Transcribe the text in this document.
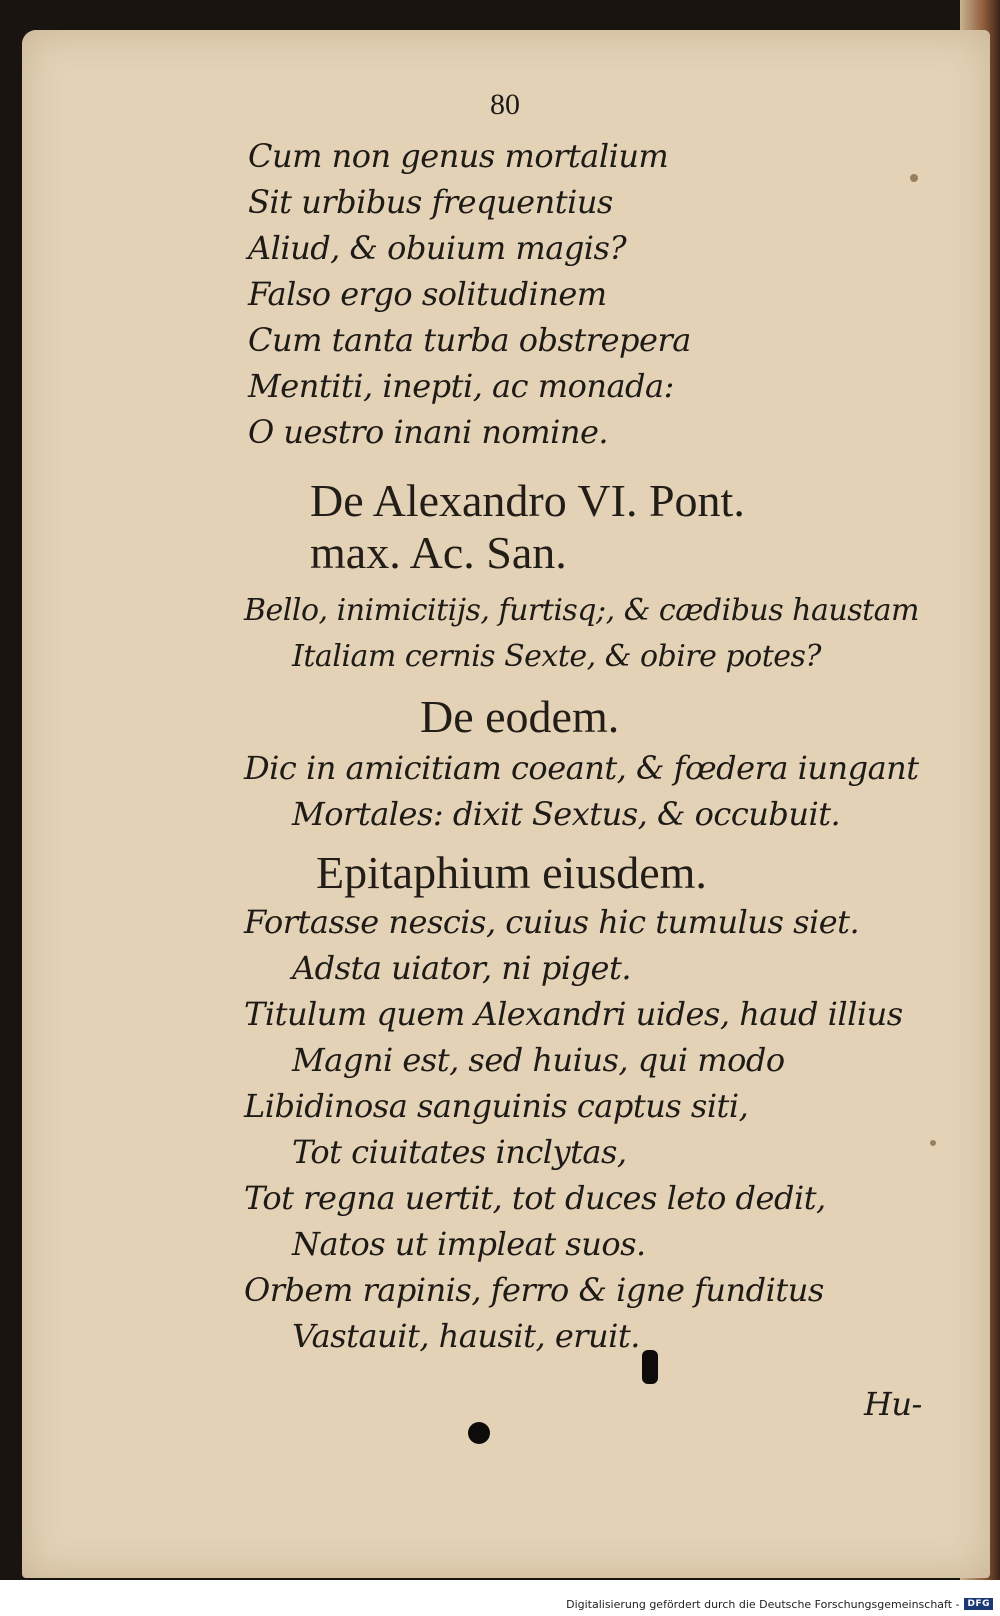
80
Cum non genus mortalium
Sit urbibus frequentius
Aliud, & obuium magis?
Falso ergo solitudinem
Cum tanta turba obstrepera
Mentiti, inepti, ac monada:
O uestro inani nomine.
De Alexandro VI. Pont.
max. Ac. San.
Bello, inimicitijs, furtisq;, & cædibus haustam
Italiam cernis Sexte, & obire potes?
De eodem.
Dic in amicitiam coeant, & fœdera iungant
Mortales: dixit Sextus, & occubuit.
Epitaphium eiusdem.
Fortasse nescis, cuius hic tumulus siet.
Adsta uiator, ni piget.
Titulum quem Alexandri uides, haud illius
Magni est, sed huius, qui modo
Libidinosa sanguinis captus siti,
Tot ciuitates inclytas,
Tot regna uertit, tot duces leto dedit,
Natos ut impleat suos.
Orbem rapinis, ferro & igne funditus
Vastauit, hausit, eruit.
Hu-
Digitalisierung gefördert durch die Deutsche Forschungsgemeinschaft - DFG
